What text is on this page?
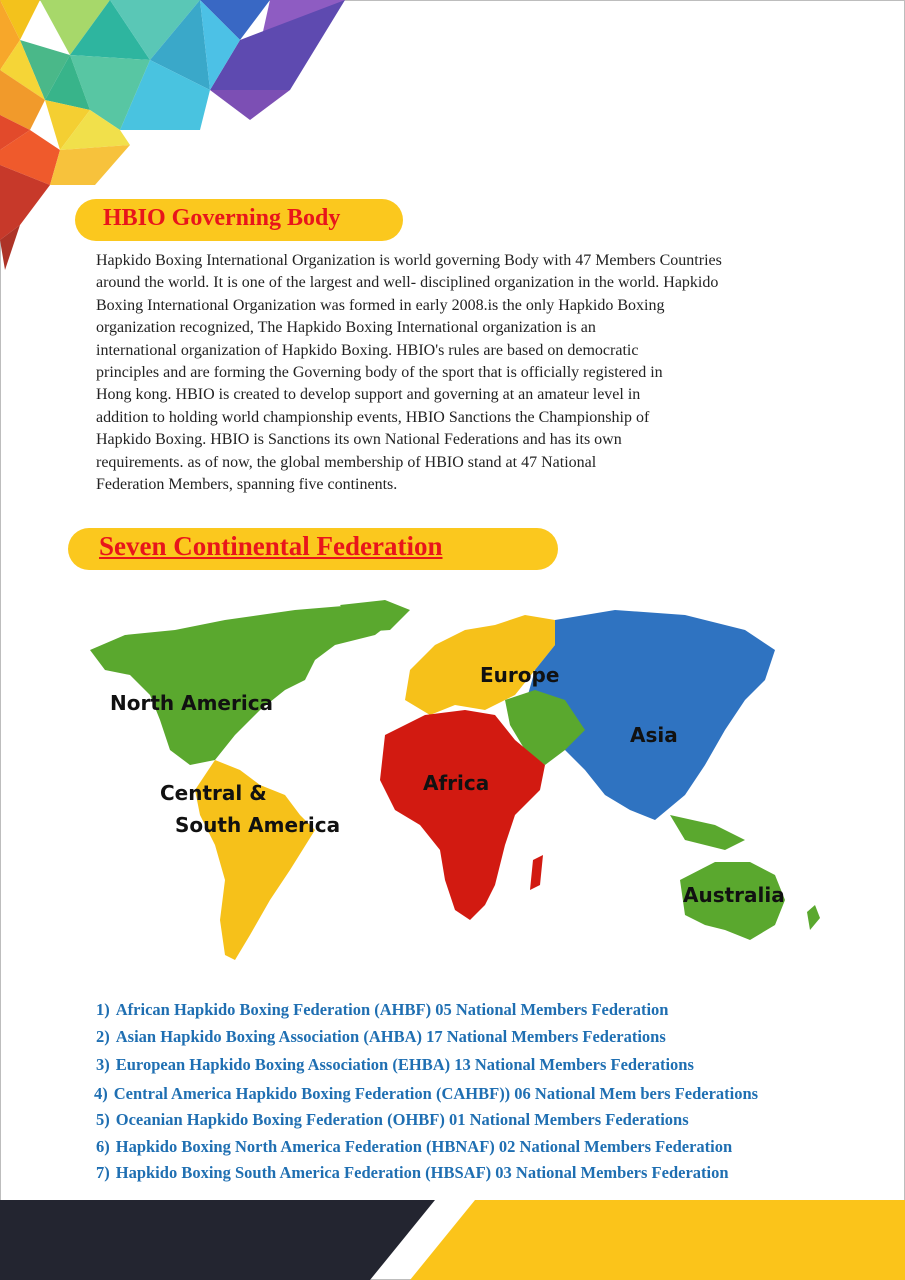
HBIO Governing Body
Hapkido Boxing International Organization is world governing Body with 47 Members Countries
around the world. It is one of the largest and well- disciplined organization in the world. Hapkido
Boxing International Organization was formed in early 2008.is the only Hapkido Boxing
organization recognized, The Hapkido Boxing International organization is an
international organization of Hapkido Boxing. HBIO's rules are based on democratic
principles and are forming the Governing body of the sport that is officially registered in
Hong kong. HBIO is created to develop support and governing at an amateur level in
addition to holding world championship events, HBIO Sanctions the Championship of
Hapkido Boxing. HBIO is Sanctions its own National Federations and has its own
requirements. as of now, the global membership of HBIO stand at 47 National
Federation Members, spanning five continents.
Seven Continental Federation
North America
Central &
South America
Europe
Asia
Africa
Australia
1) African Hapkido Boxing Federation (AHBF) 05 National Members Federation
2) Asian Hapkido Boxing Association (AHBA) 17 National Members Federations
3) European Hapkido Boxing Association (EHBA) 13 National Members Federations
4) Central America Hapkido Boxing Federation (CAHBF)) 06 National Mem bers Federations
5) Oceanian Hapkido Boxing Federation (OHBF) 01 National Members Federations
6) Hapkido Boxing North America Federation (HBNAF) 02 National Members Federation
7) Hapkido Boxing South America Federation (HBSAF) 03 National Members Federation
